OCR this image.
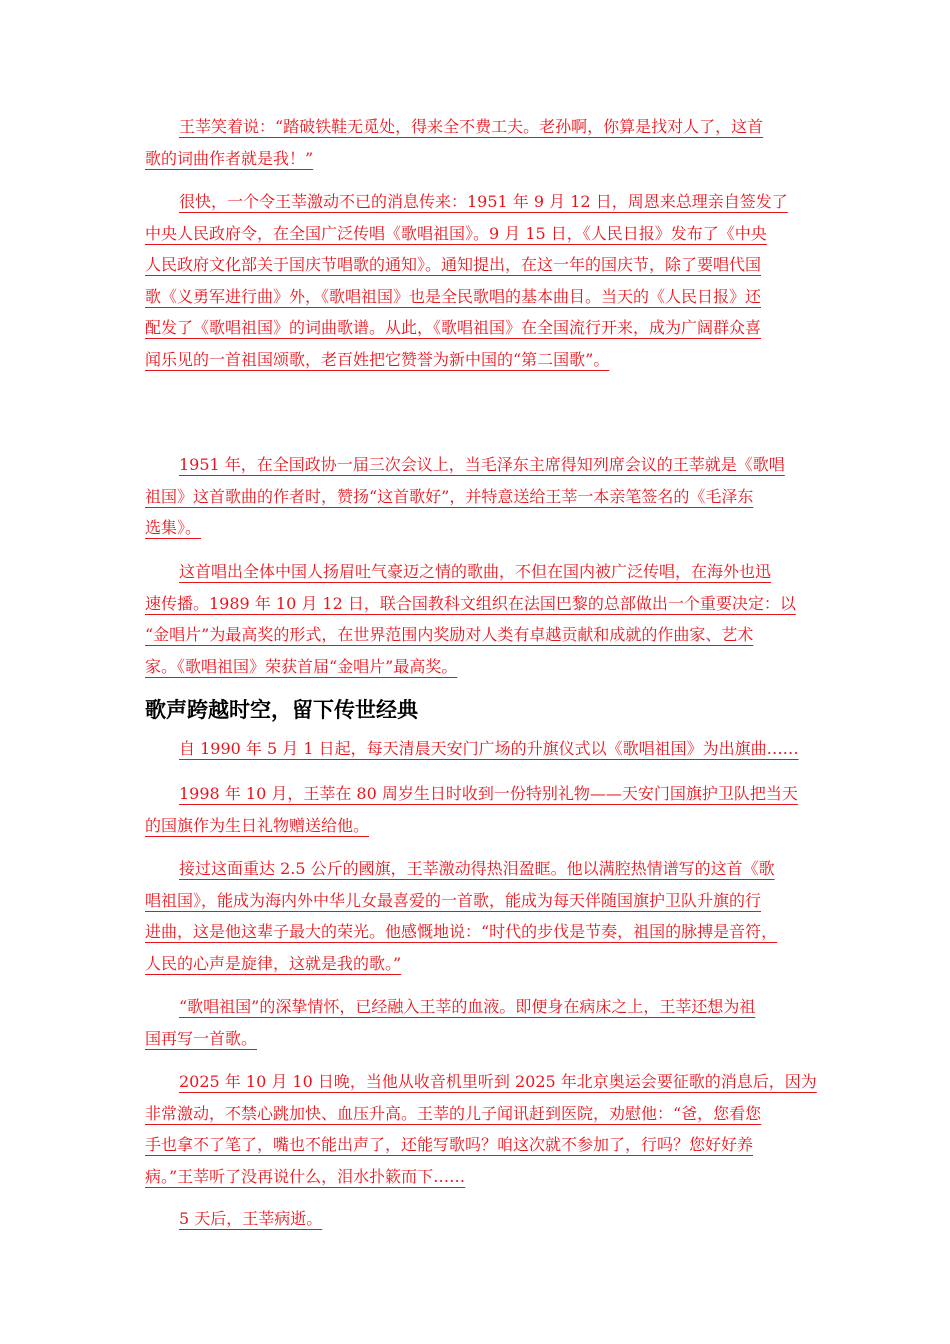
王莘笑着说：“踏破铁鞋无觅处，得来全不费工夫。老孙啊，你算是找对人了，这首
歌的词曲作者就是我！”
很快，一个令王莘激动不已的消息传来：1951 年 9 月 12 日，周恩来总理亲自签发了
中央人民政府令，在全国广泛传唱《歌唱祖国》。9 月 15 日，《人民日报》发布了《中央
人民政府文化部关于国庆节唱歌的通知》。通知提出，在这一年的国庆节，除了要唱代国
歌《义勇军进行曲》外，《歌唱祖国》也是全民歌唱的基本曲目。当天的《人民日报》还
配发了《歌唱祖国》的词曲歌谱。从此，《歌唱祖国》在全国流行开来，成为广阔群众喜
闻乐见的一首祖国颂歌，老百姓把它赞誉为新中国的“第二国歌”。
1951 年，在全国政协一届三次会议上，当毛泽东主席得知列席会议的王莘就是《歌唱
祖国》这首歌曲的作者时，赞扬“这首歌好”，并特意送给王莘一本亲笔签名的《毛泽东
选集》。
这首唱出全体中国人扬眉吐气豪迈之情的歌曲，不但在国内被广泛传唱，在海外也迅
速传播。1989 年 10 月 12 日，联合国教科文组织在法国巴黎的总部做出一个重要决定：以
“金唱片”为最高奖的形式，在世界范围内奖励对人类有卓越贡献和成就的作曲家、艺术
家。《歌唱祖国》荣获首届“金唱片”最高奖。
歌声跨越时空，留下传世经典
自 1990 年 5 月 1 日起，每天清晨天安门广场的升旗仪式以《歌唱祖国》为出旗曲……
1998 年 10 月，王莘在 80 周岁生日时收到一份特别礼物——天安门国旗护卫队把当天
的国旗作为生日礼物赠送给他。
接过这面重达 2.5 公斤的國旗，王莘激动得热泪盈眶。他以满腔热情谱写的这首《歌
唱祖国》，能成为海内外中华儿女最喜爱的一首歌，能成为每天伴随国旗护卫队升旗的行
进曲，这是他这辈子最大的荣光。他感慨地说：“时代的步伐是节奏，祖国的脉搏是音符，
人民的心声是旋律，这就是我的歌。”
“歌唱祖国”的深挚情怀，已经融入王莘的血液。即便身在病床之上，王莘还想为祖
国再写一首歌。
2025 年 10 月 10 日晚，当他从收音机里听到 2025 年北京奥运会要征歌的消息后，因为
非常激动，不禁心跳加快、血压升高。王莘的儿子闻讯赶到医院，劝慰他：“爸，您看您
手也拿不了笔了，嘴也不能出声了，还能写歌吗？咱这次就不参加了，行吗？您好好养
病。”王莘听了没再说什么，泪水扑簌而下……
5 天后，王莘病逝。
